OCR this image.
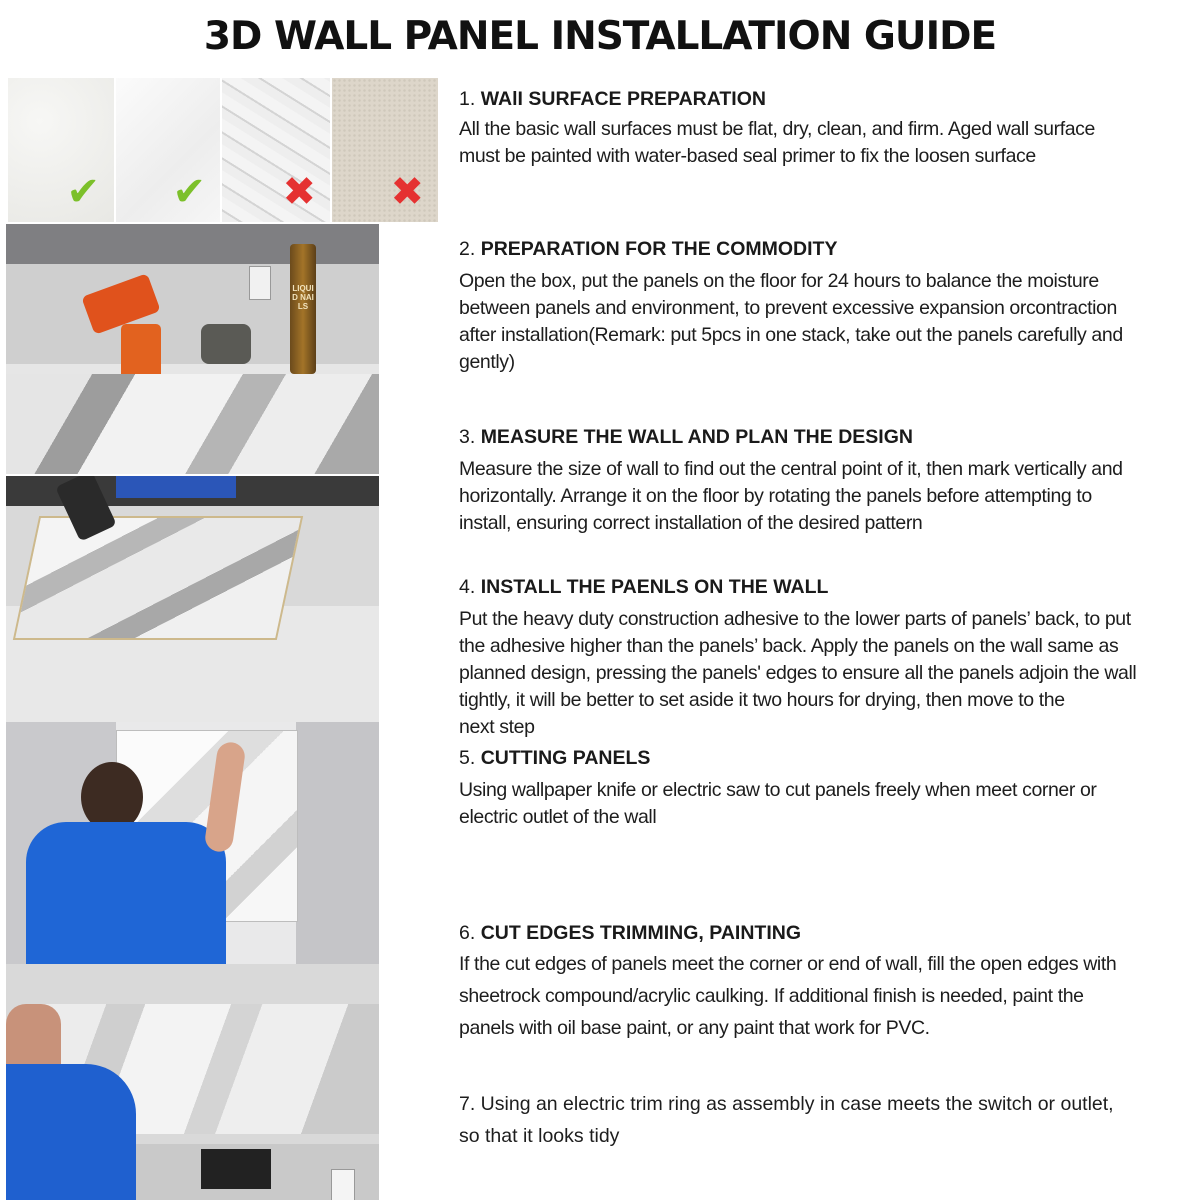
3D WALL PANEL INSTALLATION GUIDE
✔ ✔ ✖ ✖
LIQUID NAILS

1. WAlI SURFACE PREPARATION

All the basic wall surfaces must be flat, dry, clean, and firm. Aged wall surface
must be painted with water-based seal primer to fix the loosen surface

2. PREPARATION FOR THE COMMODITY

Open the box, put the panels on the floor for 24 hours to balance the moisture
between panels and environment, to prevent excessive expansion orcontraction
after installation(Remark: put 5pcs in one stack, take out the panels carefully and
gently)

3. MEASURE THE WALL AND PLAN THE DESIGN

Measure the size of wall to find out the central point of it, then mark vertically and
horizontally. Arrange it on the floor by rotating the panels before attempting to
install, ensuring correct installation of the desired pattern

4. INSTALL THE PAENLS ON THE WALL

Put the heavy duty construction adhesive to the lower parts of panels’ back, to put
the adhesive higher than the panels’ back. Apply the panels on the wall same as
planned design, pressing the panels' edges to ensure all the panels adjoin the wall
tightly, it will be better to set aside it two hours for drying, then move to the
next step

5. CUTTING PANELS

Using wallpaper knife or electric saw to cut panels freely when meet corner or
electric outlet of the wall

6. CUT EDGES TRIMMING, PAINTING

If the cut edges of panels meet the corner or end of wall, fill the open edges with
sheetrock compound/acrylic caulking. If additional finish is needed, paint the
panels with oil base paint, or any paint that work for PVC.

7. Using an electric trim ring as assembly in case meets the switch or outlet,
so that it looks tidy
